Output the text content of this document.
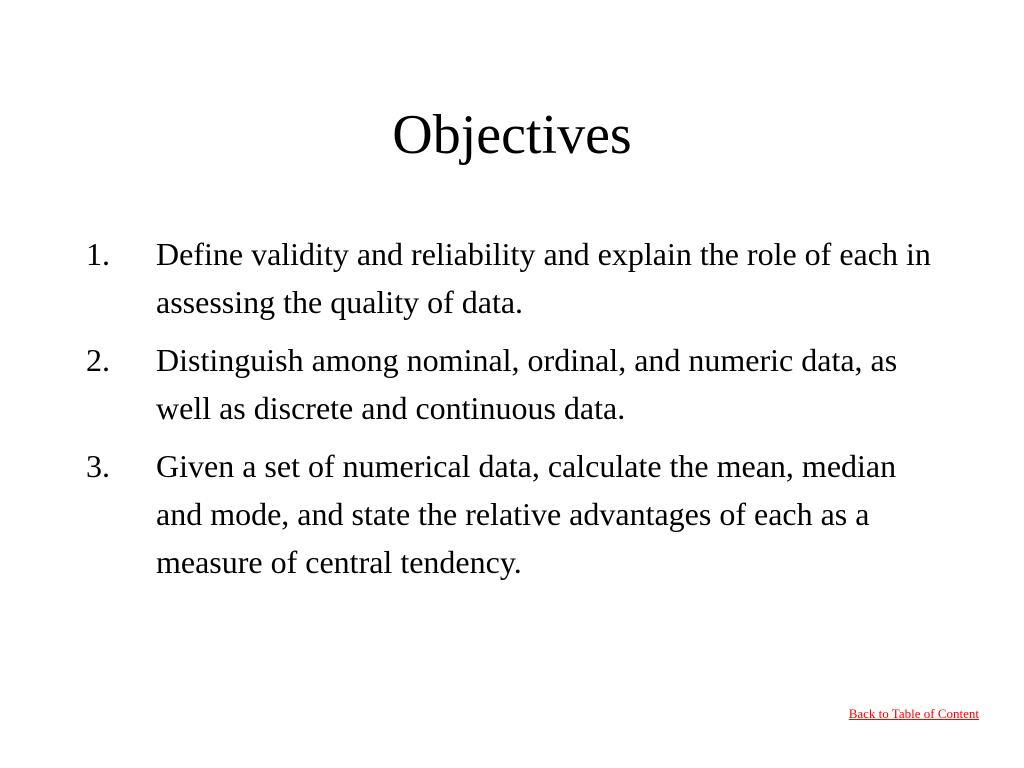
Objectives
1.	Define validity and reliability and explain the role of each in assessing the quality of data.
2.	Distinguish among nominal, ordinal, and numeric data, as well as discrete and continuous data.
3.	Given a set of numerical data, calculate the mean, median and mode, and state the relative advantages of each as a measure of central tendency.
Back to Table of Content
